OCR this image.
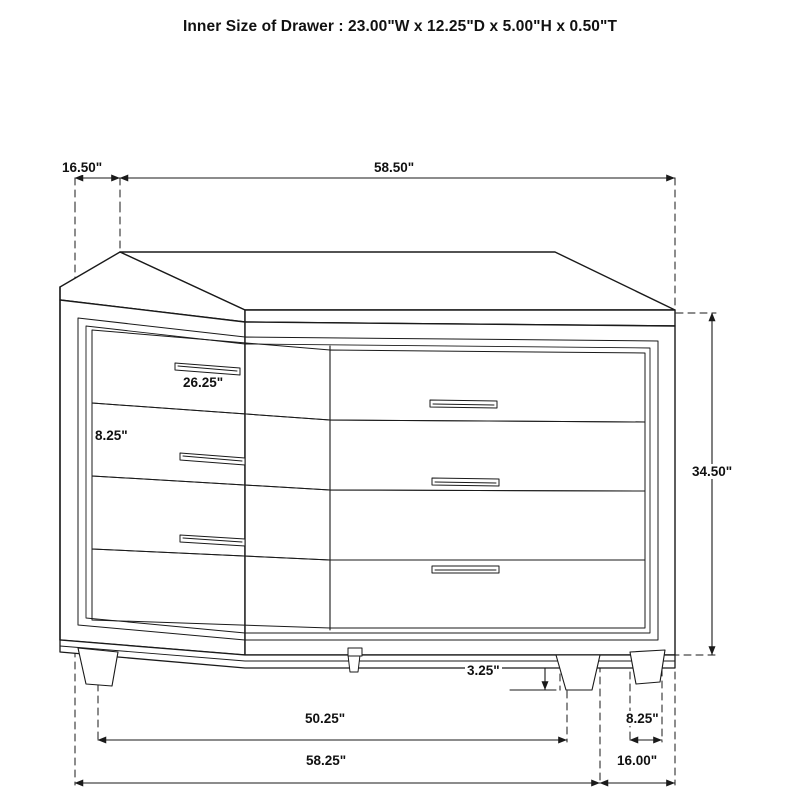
Inner Size of Drawer : 23.00"W x 12.25"D x 5.00"H x 0.50"T
16.50"	58.50"
26.25"
8.25"
34.50"
3.25"
50.25"	8.25"
58.25"	16.00"
